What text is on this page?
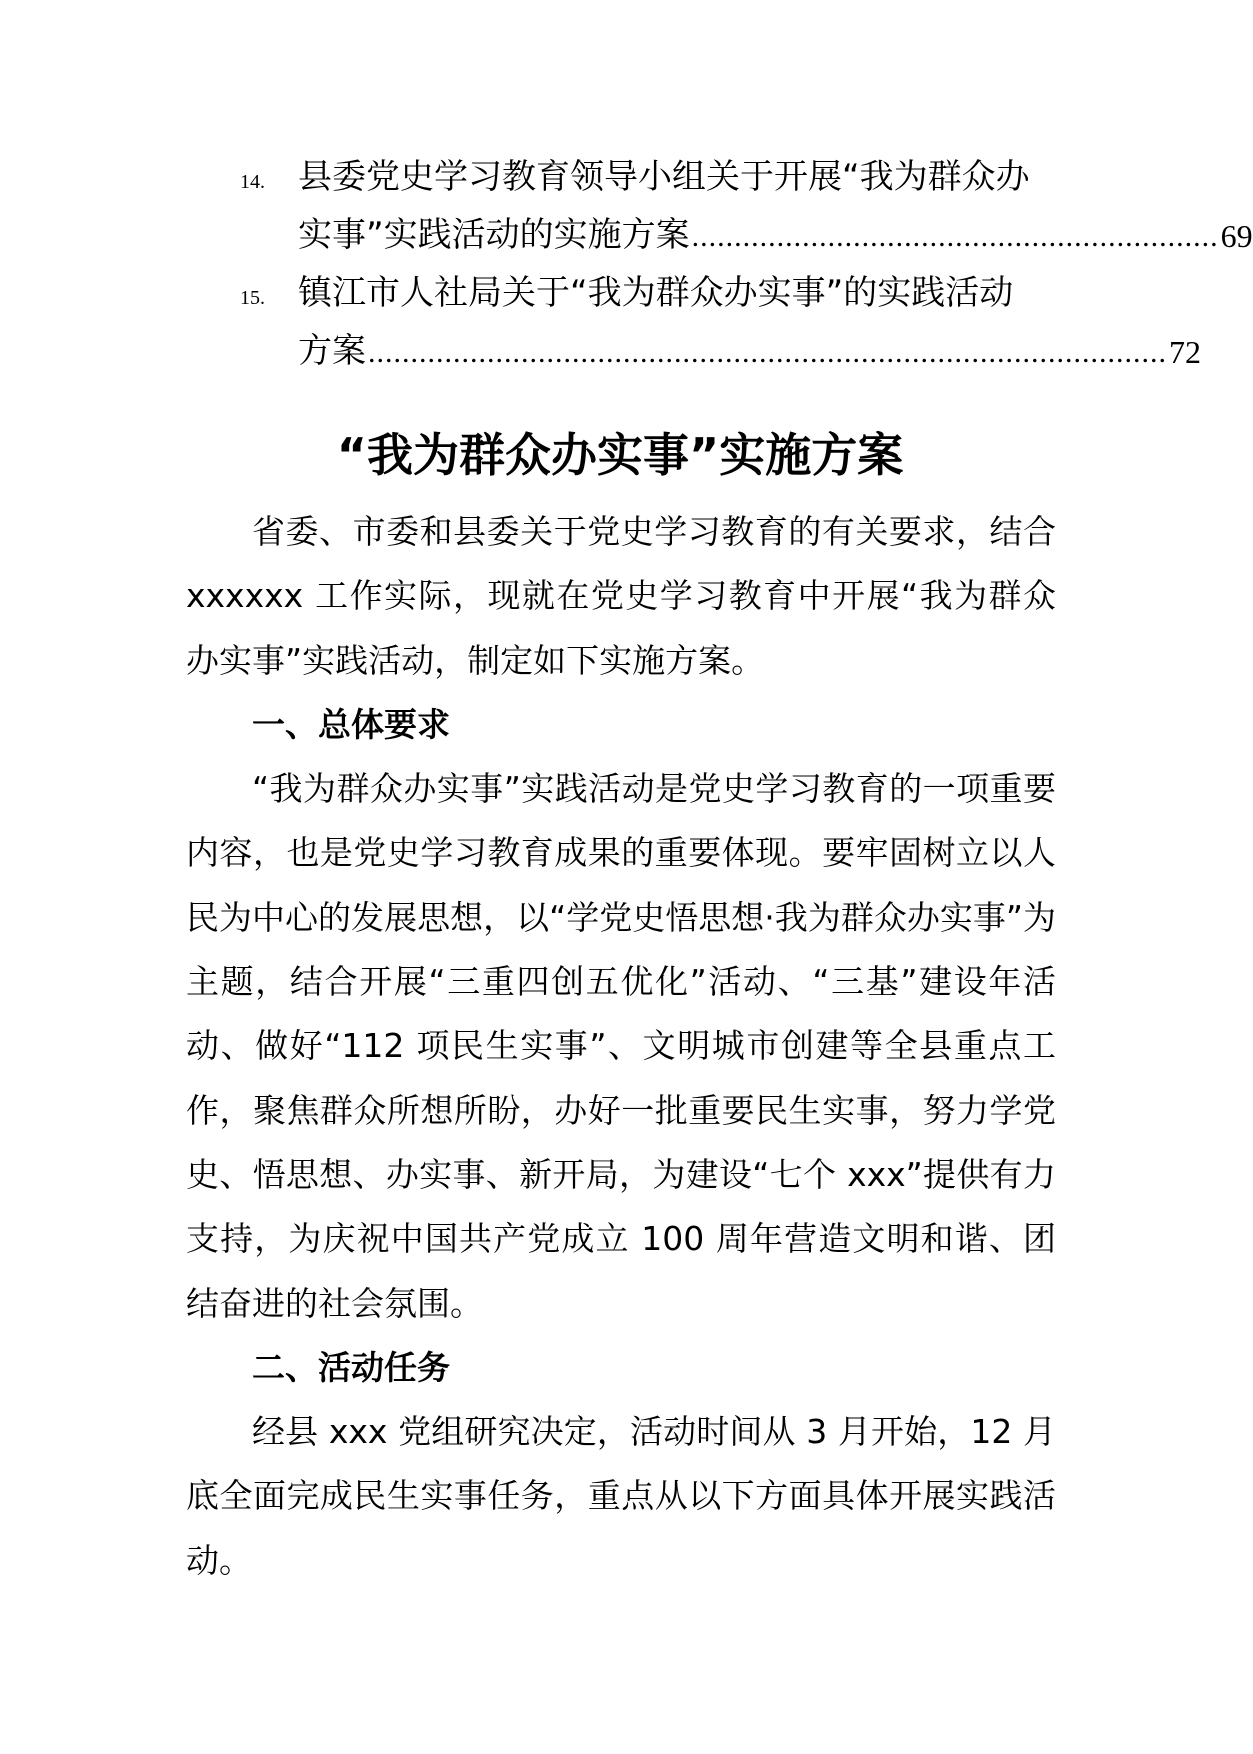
14. 县委党史学习教育领导小组关于开展“我为群众办
实事”实践活动的实施方案 .............................................................. 69
15. 镇江市人社局关于“我为群众办实事”的实践活动
方案 .............................................................................................. 72
“我为群众办实事”实施方案

省委、市委和县委关于党史学习教育的有关要求，结合 xxxxxx 工作实际，现就在党史学习教育中开展“我为群众办实事”实践活动，制定如下实施方案。

一、总体要求

“我为群众办实事”实践活动是党史学习教育的一项重要内容，也是党史学习教育成果的重要体现。要牢固树立以人民为中心的发展思想，以“学党史悟思想·我为群众办实事”为主题，结合开展“三重四创五优化”活动、“三基”建设年活动、做好“112 项民生实事”、文明城市创建等全县重点工作，聚焦群众所想所盼，办好一批重要民生实事，努力学党史、悟思想、办实事、新开局，为建设“七个 xxx”提供有力支持，为庆祝中国共产党成立 100 周年营造文明和谐、团结奋进的社会氛围。

二、活动任务

经县 xxx 党组研究决定，活动时间从 3 月开始，12 月底全面完成民生实事任务，重点从以下方面具体开展实践活动。
